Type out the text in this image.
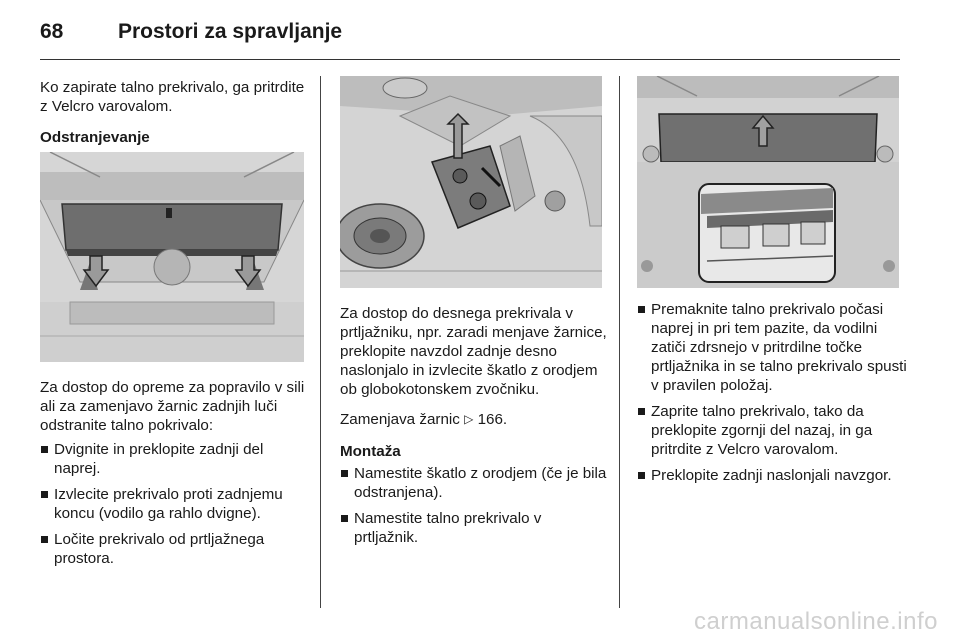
68	Prostori za spravljanje

Ko zapirate talno prekrivalo, ga pritrdite z Velcro varovalom.

Odstranjevanje

Za dostop do opreme za popravilo v sili ali za zamenjavo žarnic zadnjih luči odstranite talno pokrivalo:

Dvignite in preklopite zadnji del naprej.
Izvlecite prekrivalo proti zadnjemu koncu (vodilo ga rahlo dvigne).
Ločite prekrivalo od prtljažnega prostora.

Za dostop do desnega prekrivala v prtljažniku, npr. zaradi menjave žarnice, preklopite navzdol zadnje desno naslonjalo in izvlecite škatlo z orodjem ob globokotonskem zvočniku.

Zamenjava žarnic ▷ 166.

Montaža

Namestite škatlo z orodjem (če je bila odstranjena).
Namestite talno prekrivalo v prtljažnik.
Premaknite talno prekrivalo počasi naprej in pri tem pazite, da vodilni zatiči zdrsnejo v pritrdilne točke prtljažnika in se talno prekrivalo spusti v pravilen položaj.
Zaprite talno prekrivalo, tako da preklopite zgornji del nazaj, in ga pritrdite z Velcro varovalom.
Preklopite zadnji naslonjali navzgor.
carmanualsonline.info
